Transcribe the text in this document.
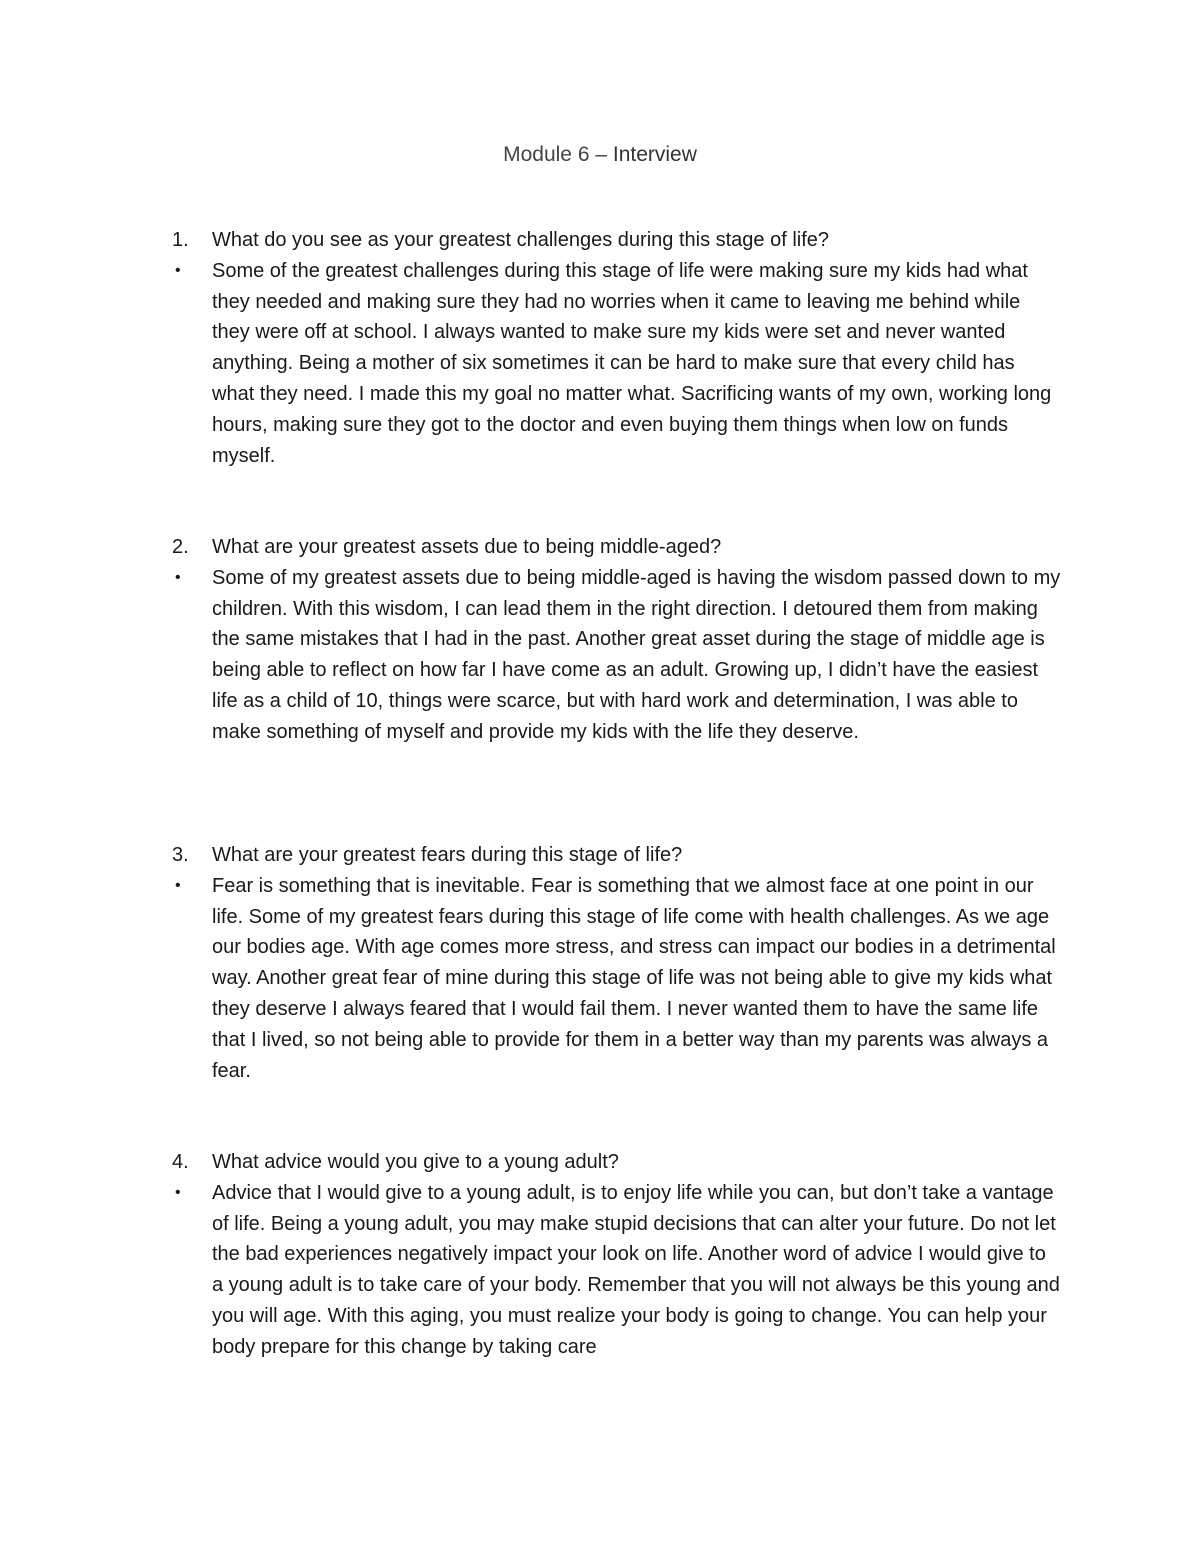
Module 6 – Interview
1. What do you see as your greatest challenges during this stage of life?
• Some of the greatest challenges during this stage of life were making sure my kids had what they needed and making sure they had no worries when it came to leaving me behind while they were off at school. I always wanted to make sure my kids were set and never wanted anything. Being a mother of six sometimes it can be hard to make sure that every child has what they need. I made this my goal no matter what. Sacrificing wants of my own, working long hours, making sure they got to the doctor and even buying them things when low on funds myself.
2. What are your greatest assets due to being middle-aged?
• Some of my greatest assets due to being middle-aged is having the wisdom passed down to my children. With this wisdom, I can lead them in the right direction. I detoured them from making the same mistakes that I had in the past. Another great asset during the stage of middle age is being able to reflect on how far I have come as an adult. Growing up, I didn’t have the easiest life as a child of 10, things were scarce, but with hard work and determination, I was able to make something of myself and provide my kids with the life they deserve.
3. What are your greatest fears during this stage of life?
• Fear is something that is inevitable. Fear is something that we almost face at one point in our life. Some of my greatest fears during this stage of life come with health challenges. As we age our bodies age. With age comes more stress, and stress can impact our bodies in a detrimental way. Another great fear of mine during this stage of life was not being able to give my kids what they deserve I always feared that I would fail them. I never wanted them to have the same life that I lived, so not being able to provide for them in a better way than my parents was always a fear.
4. What advice would you give to a young adult?
• Advice that I would give to a young adult, is to enjoy life while you can, but don’t take a vantage of life. Being a young adult, you may make stupid decisions that can alter your future. Do not let the bad experiences negatively impact your look on life. Another word of advice I would give to a young adult is to take care of your body. Remember that you will not always be this young and you will age. With this aging, you must realize your body is going to change. You can help your body prepare for this change by taking care
